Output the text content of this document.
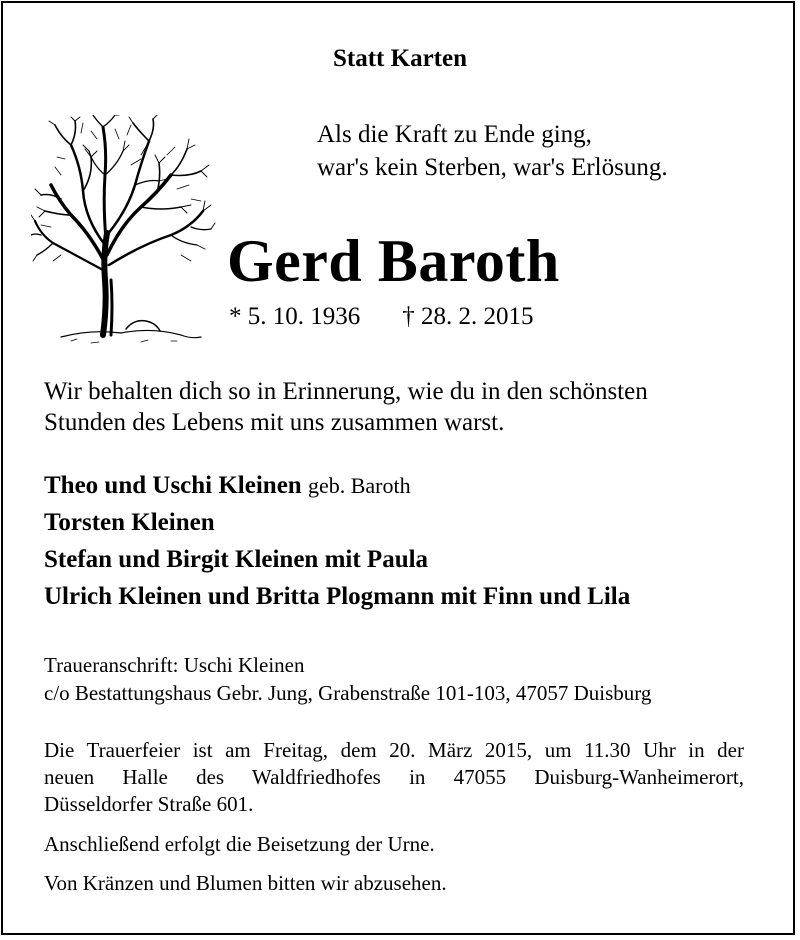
Statt Karten
Als die Kraft zu Ende ging,
war's kein Sterben, war's Erlösung.
Gerd Baroth
* 5. 10. 1936 † 28. 2. 2015
Wir behalten dich so in Erinnerung, wie du in den schönsten
Stunden des Lebens mit uns zusammen warst.
Theo und Uschi Kleinen geb. Baroth
Torsten Kleinen
Stefan und Birgit Kleinen mit Paula
Ulrich Kleinen und Britta Plogmann mit Finn und Lila
Traueranschrift: Uschi Kleinen
c/o Bestattungshaus Gebr. Jung, Grabenstraße 101-103, 47057 Duisburg
Die Trauerfeier ist am Freitag, dem 20. März 2015, um 11.30 Uhr in der
neuen Halle des Waldfriedhofes in 47055 Duisburg-Wanheimerort,
Düsseldorfer Straße 601.
Anschließend erfolgt die Beisetzung der Urne.
Von Kränzen und Blumen bitten wir abzusehen.
